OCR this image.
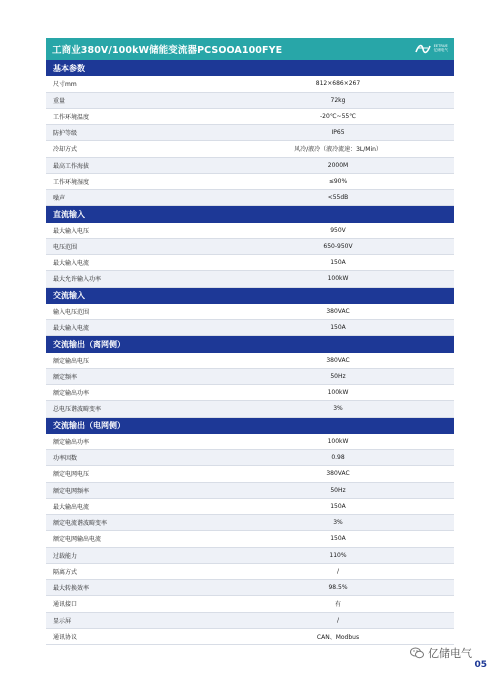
工商业380V/100kW储能变流器PCSOOA100FYE	EETRUE
亿储电气
基本参数
尺寸mm	812×686×267
重量	72kg
工作环境温度	-20℃~55℃
防护等级	IP65
冷却方式	风冷/液冷（液冷流速：3L/Min）
最高工作海拔	2000M
工作环境湿度	≤90%
噪声	<55dB
直流输入
最大输入电压	950V
电压范围	650-950V
最大输入电流	150A
最大允许输入功率	100kW
交流输入
输入电压范围	380VAC
最大输入电流	150A
交流输出（离网侧）
额定输出电压	380VAC
额定频率	50Hz
额定输出功率	100kW
总电压谐波畸变率	3%
交流输出（电网侧）
额定输出功率	100kW
功率因数	0.98
额定电网电压	380VAC
额定电网频率	50Hz
最大输出电流	150A
额定电流谐波畸变率	3%
额定电网输出电流	150A
过载能力	110%
隔离方式	/
最大转换效率	98.5%
通讯接口	有
显示屏	/
通讯协议	CAN、Modbus
亿储电气
05
